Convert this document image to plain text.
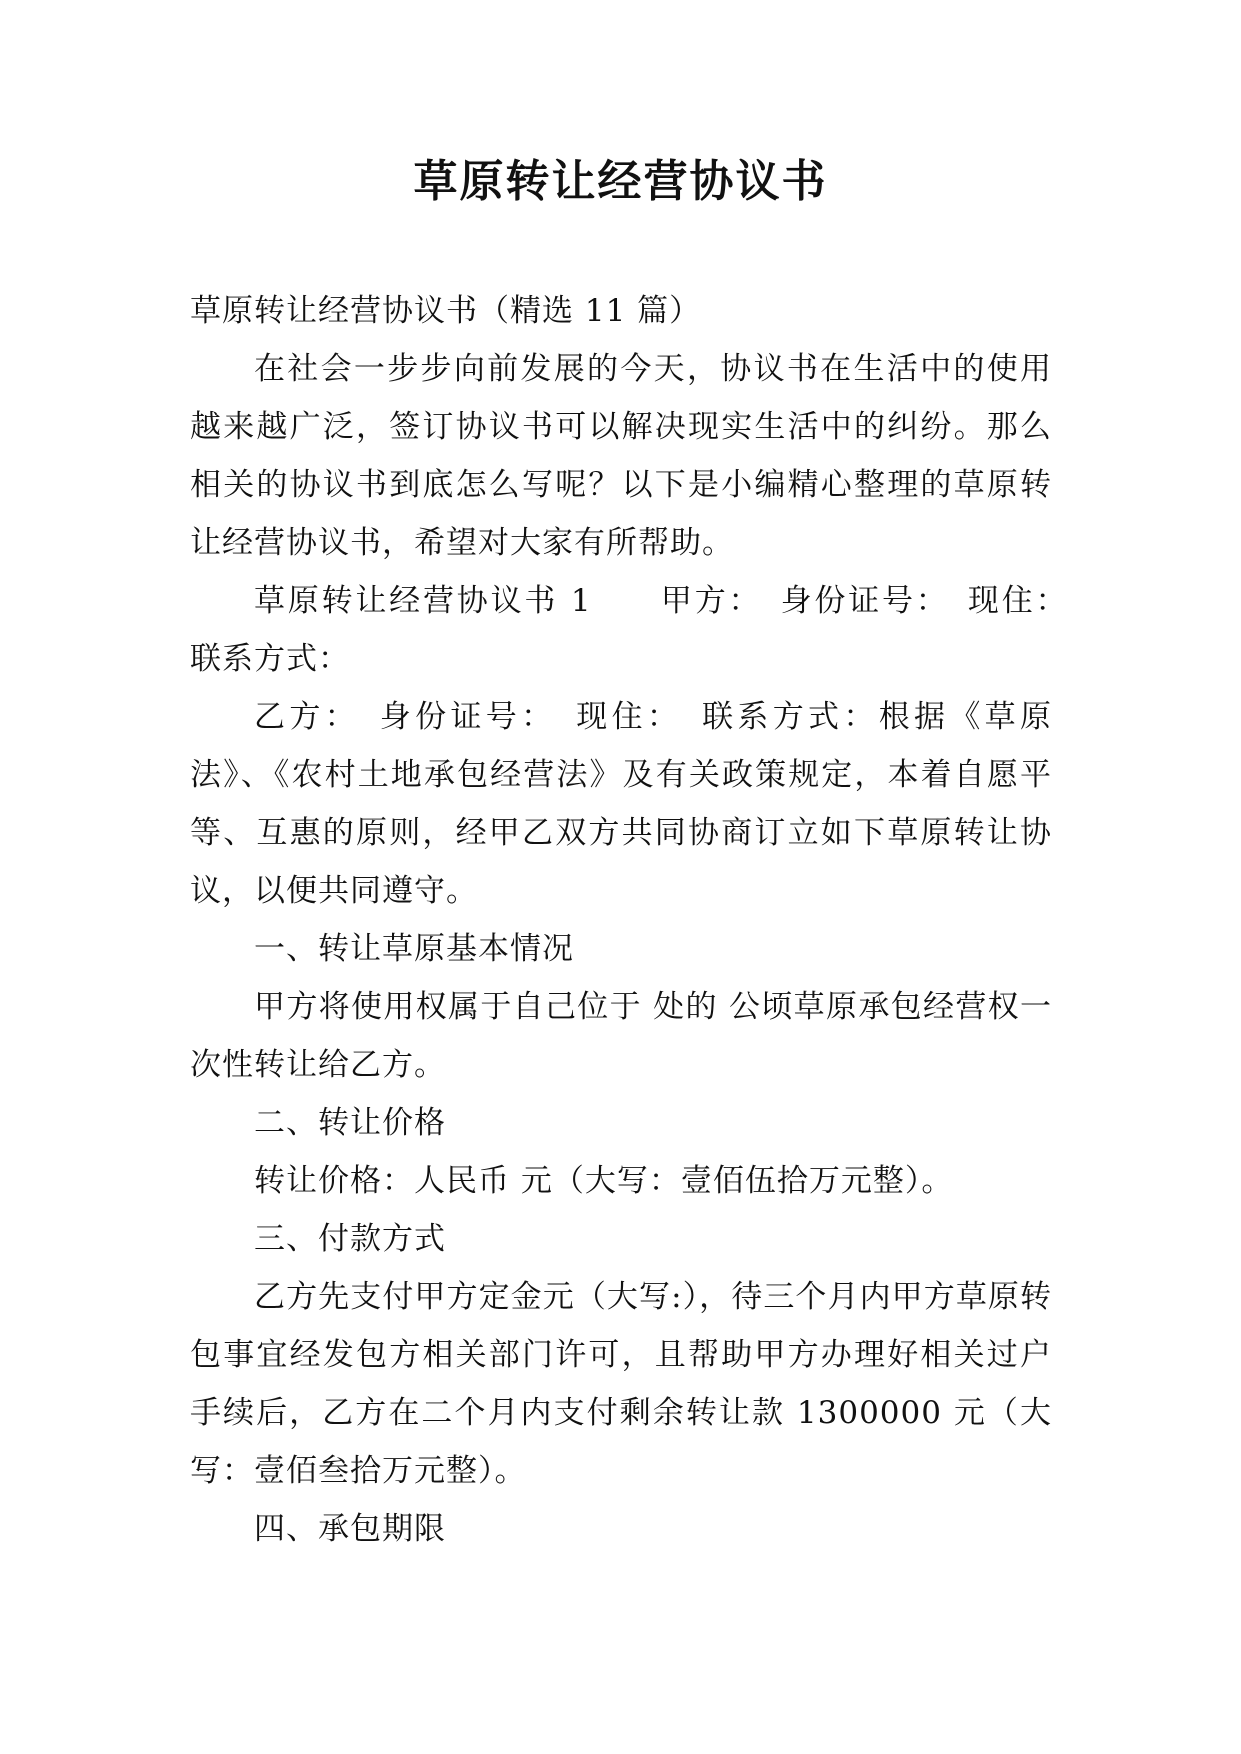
草原转让经营协议书

草原转让经营协议书（精选 11 篇）

在社会一步步向前发展的今天，协议书在生活中的使用越来越广泛，签订协议书可以解决现实生活中的纠纷。那么相关的协议书到底怎么写呢？以下是小编精心整理的草原转让经营协议书，希望对大家有所帮助。

草原转让经营协议书 1　　甲方：　身份证号：　现住：　联系方式：

乙方：　身份证号：　现住：　联系方式：根据《草原法》、《农村土地承包经营法》及有关政策规定，本着自愿平等、互惠的原则，经甲乙双方共同协商订立如下草原转让协议，以便共同遵守。

一、转让草原基本情况

甲方将使用权属于自己位于 处的 公顷草原承包经营权一次性转让给乙方。

二、转让价格

转让价格：人民币 元（大写：壹佰伍拾万元整）。

三、付款方式

乙方先支付甲方定金元（大写:），待三个月内甲方草原转包事宜经发包方相关部门许可，且帮助甲方办理好相关过户手续后，乙方在二个月内支付剩余转让款 1300000 元（大写：壹佰叁拾万元整）。

四、承包期限
